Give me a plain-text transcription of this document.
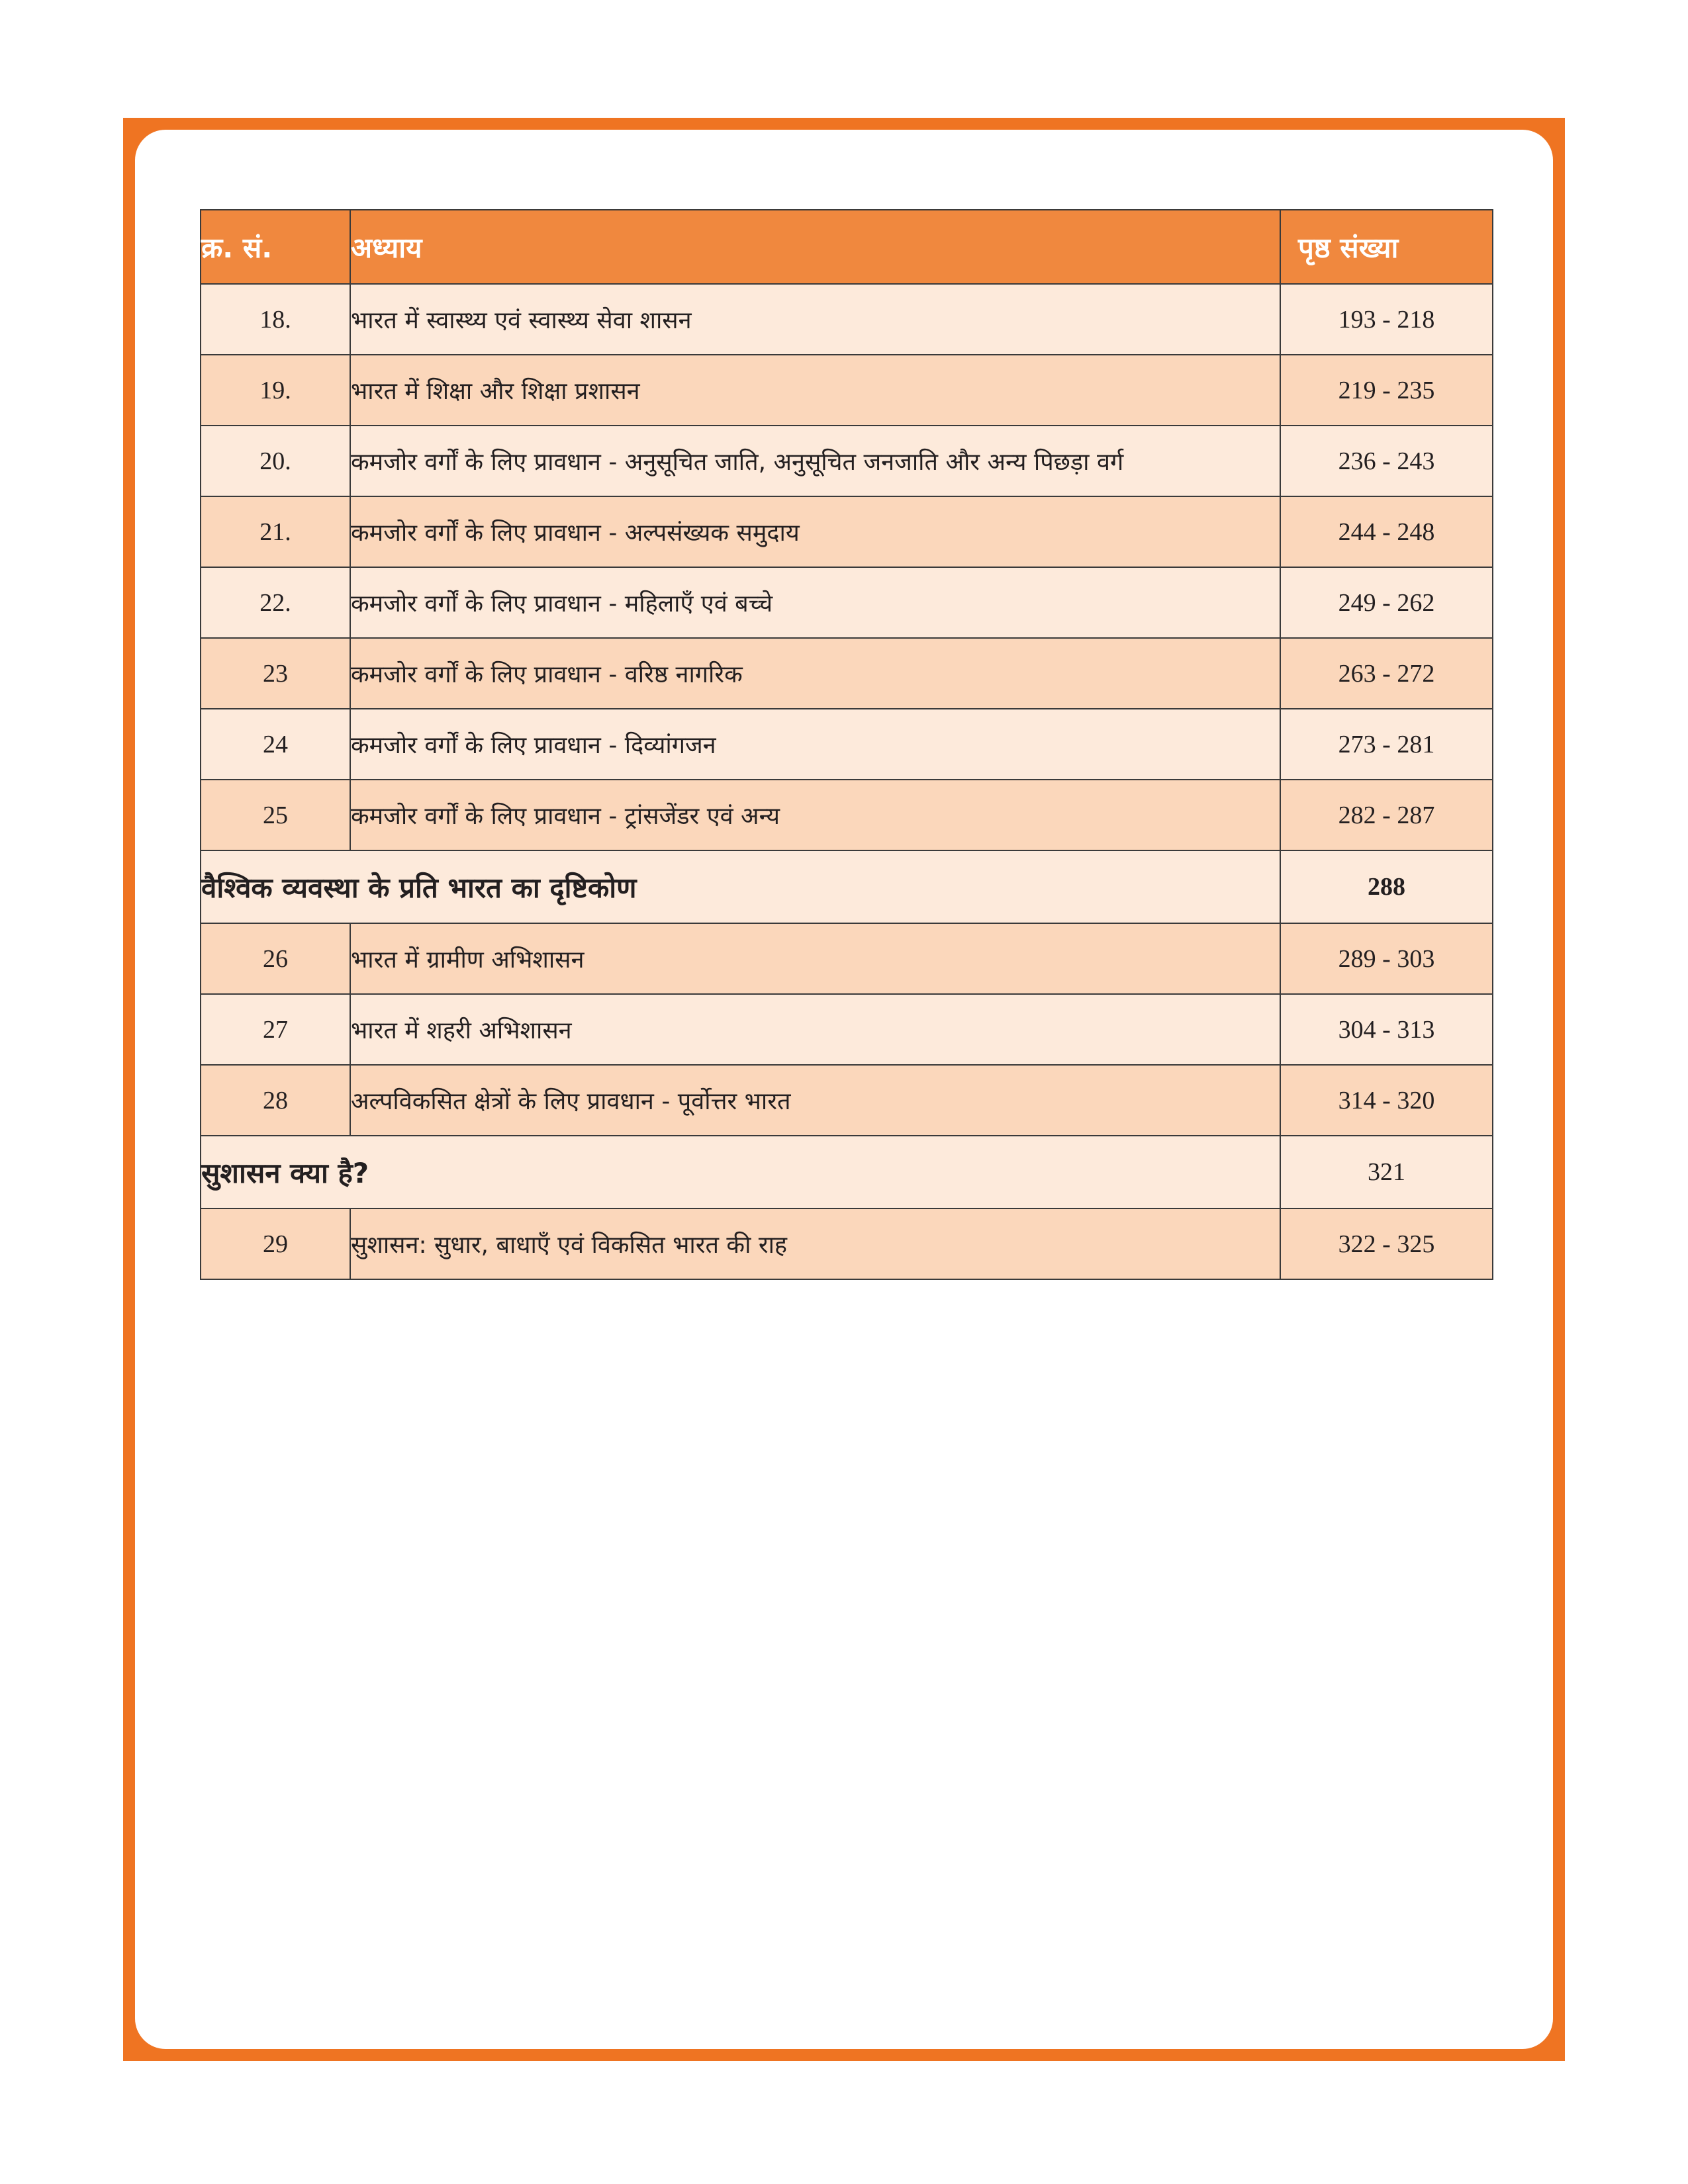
क्र. सं.	अध्याय	पृष्ठ संख्या
18.	भारत में स्वास्थ्य एवं स्वास्थ्य सेवा शासन	193 - 218
19.	भारत में शिक्षा और शिक्षा प्रशासन	219 - 235
20.	कमजोर वर्गों के लिए प्रावधान - अनुसूचित जाति, अनुसूचित जनजाति और अन्य पिछड़ा वर्ग	236 - 243
21.	कमजोर वर्गों के लिए प्रावधान - अल्पसंख्यक समुदाय	244 - 248
22.	कमजोर वर्गों के लिए प्रावधान - महिलाएँ एवं बच्चे	249 - 262
23	कमजोर वर्गों के लिए प्रावधान - वरिष्ठ नागरिक	263 - 272
24	कमजोर वर्गों के लिए प्रावधान - दिव्यांगजन	273 - 281
25	कमजोर वर्गों के लिए प्रावधान - ट्रांसजेंडर एवं अन्य	282 - 287
वैश्विक व्यवस्था के प्रति भारत का दृष्टिकोण		288
26	भारत में ग्रामीण अभिशासन	289 - 303
27	भारत में शहरी अभिशासन	304 - 313
28	अल्पविकसित क्षेत्रों के लिए प्रावधान - पूर्वोत्तर भारत	314 - 320
सुशासन क्या है?		321
29	सुशासन: सुधार, बाधाएँ एवं विकसित भारत की राह	322 - 325
